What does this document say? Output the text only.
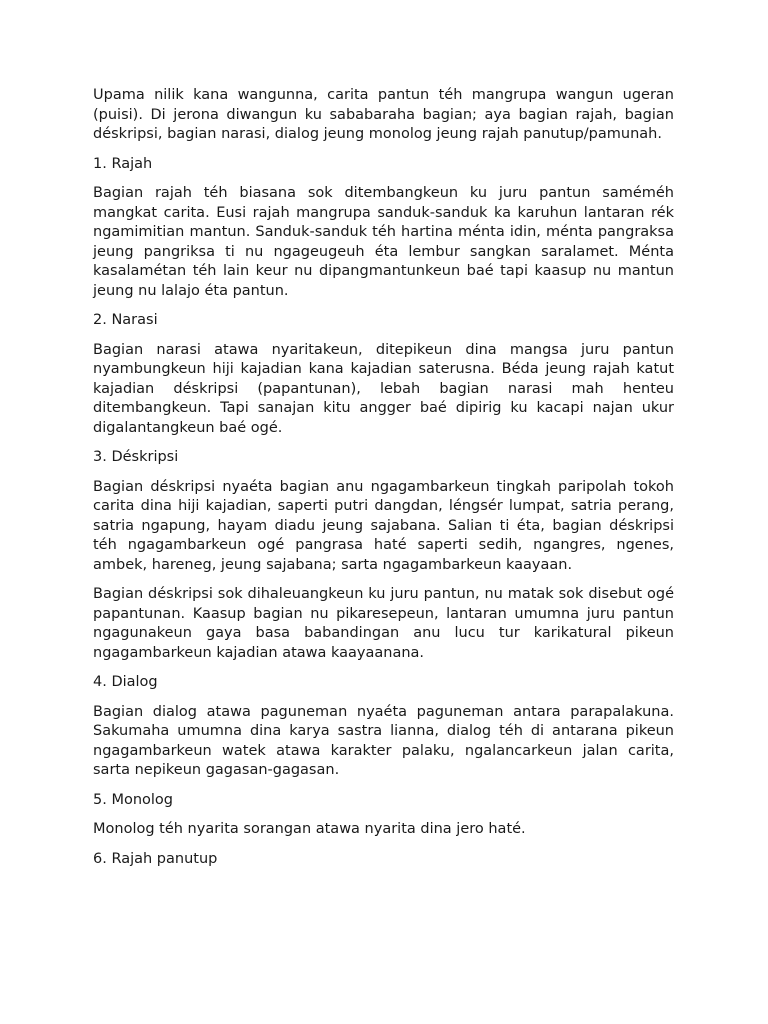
Upama nilik kana wangunna, carita pantun téh mangrupa wangun ugeran (puisi). Di jerona diwangun ku sababaraha bagian; aya bagian rajah, bagian déskripsi, bagian narasi, dialog jeung monolog jeung rajah panutup/pamunah.

1. Rajah

Bagian rajah téh biasana sok ditembangkeun ku juru pantun saméméh mangkat carita. Eusi rajah mangrupa sanduk-sanduk ka karuhun lantaran rék ngamimitian mantun. Sanduk-sanduk téh hartina ménta idin, ménta pangraksa jeung pangriksa ti nu ngageugeuh éta lembur sangkan saralamet. Ménta kasalamétan téh lain keur nu dipangmantunkeun baé tapi kaasup nu mantun jeung nu lalajo éta pantun.

2. Narasi

Bagian narasi atawa nyaritakeun, ditepikeun dina mangsa juru pantun nyambungkeun hiji kajadian kana kajadian saterusna. Béda jeung rajah katut kajadian déskripsi (papantunan), lebah bagian narasi mah henteu ditembangkeun. Tapi sanajan kitu angger baé dipirig ku kacapi najan ukur digalantangkeun baé ogé.

3. Déskripsi

Bagian déskripsi nyaéta bagian anu ngagambarkeun tingkah paripolah tokoh carita dina hiji kajadian, saperti putri dangdan, léngsér lumpat, satria perang, satria ngapung, hayam diadu jeung sajabana. Salian ti éta, bagian déskripsi téh ngagambarkeun ogé pangrasa haté saperti sedih, ngangres, ngenes, ambek, hareneg, jeung sajabana; sarta ngagambarkeun kaayaan.

Bagian déskripsi sok dihaleuangkeun ku juru pantun, nu matak sok disebut ogé papantunan. Kaasup bagian nu pikaresepeun, lantaran umumna juru pantun ngagunakeun gaya basa babandingan anu lucu tur karikatural pikeun ngagambarkeun kajadian atawa kaayaanana.

4. Dialog

Bagian dialog atawa paguneman nyaéta paguneman antara parapalakuna. Sakumaha umumna dina karya sastra lianna, dialog téh di antarana pikeun ngagambarkeun watek atawa karakter palaku, ngalancarkeun jalan carita, sarta nepikeun gagasan-gagasan.

5. Monolog

Monolog téh nyarita sorangan atawa nyarita dina jero haté.

6. Rajah panutup
